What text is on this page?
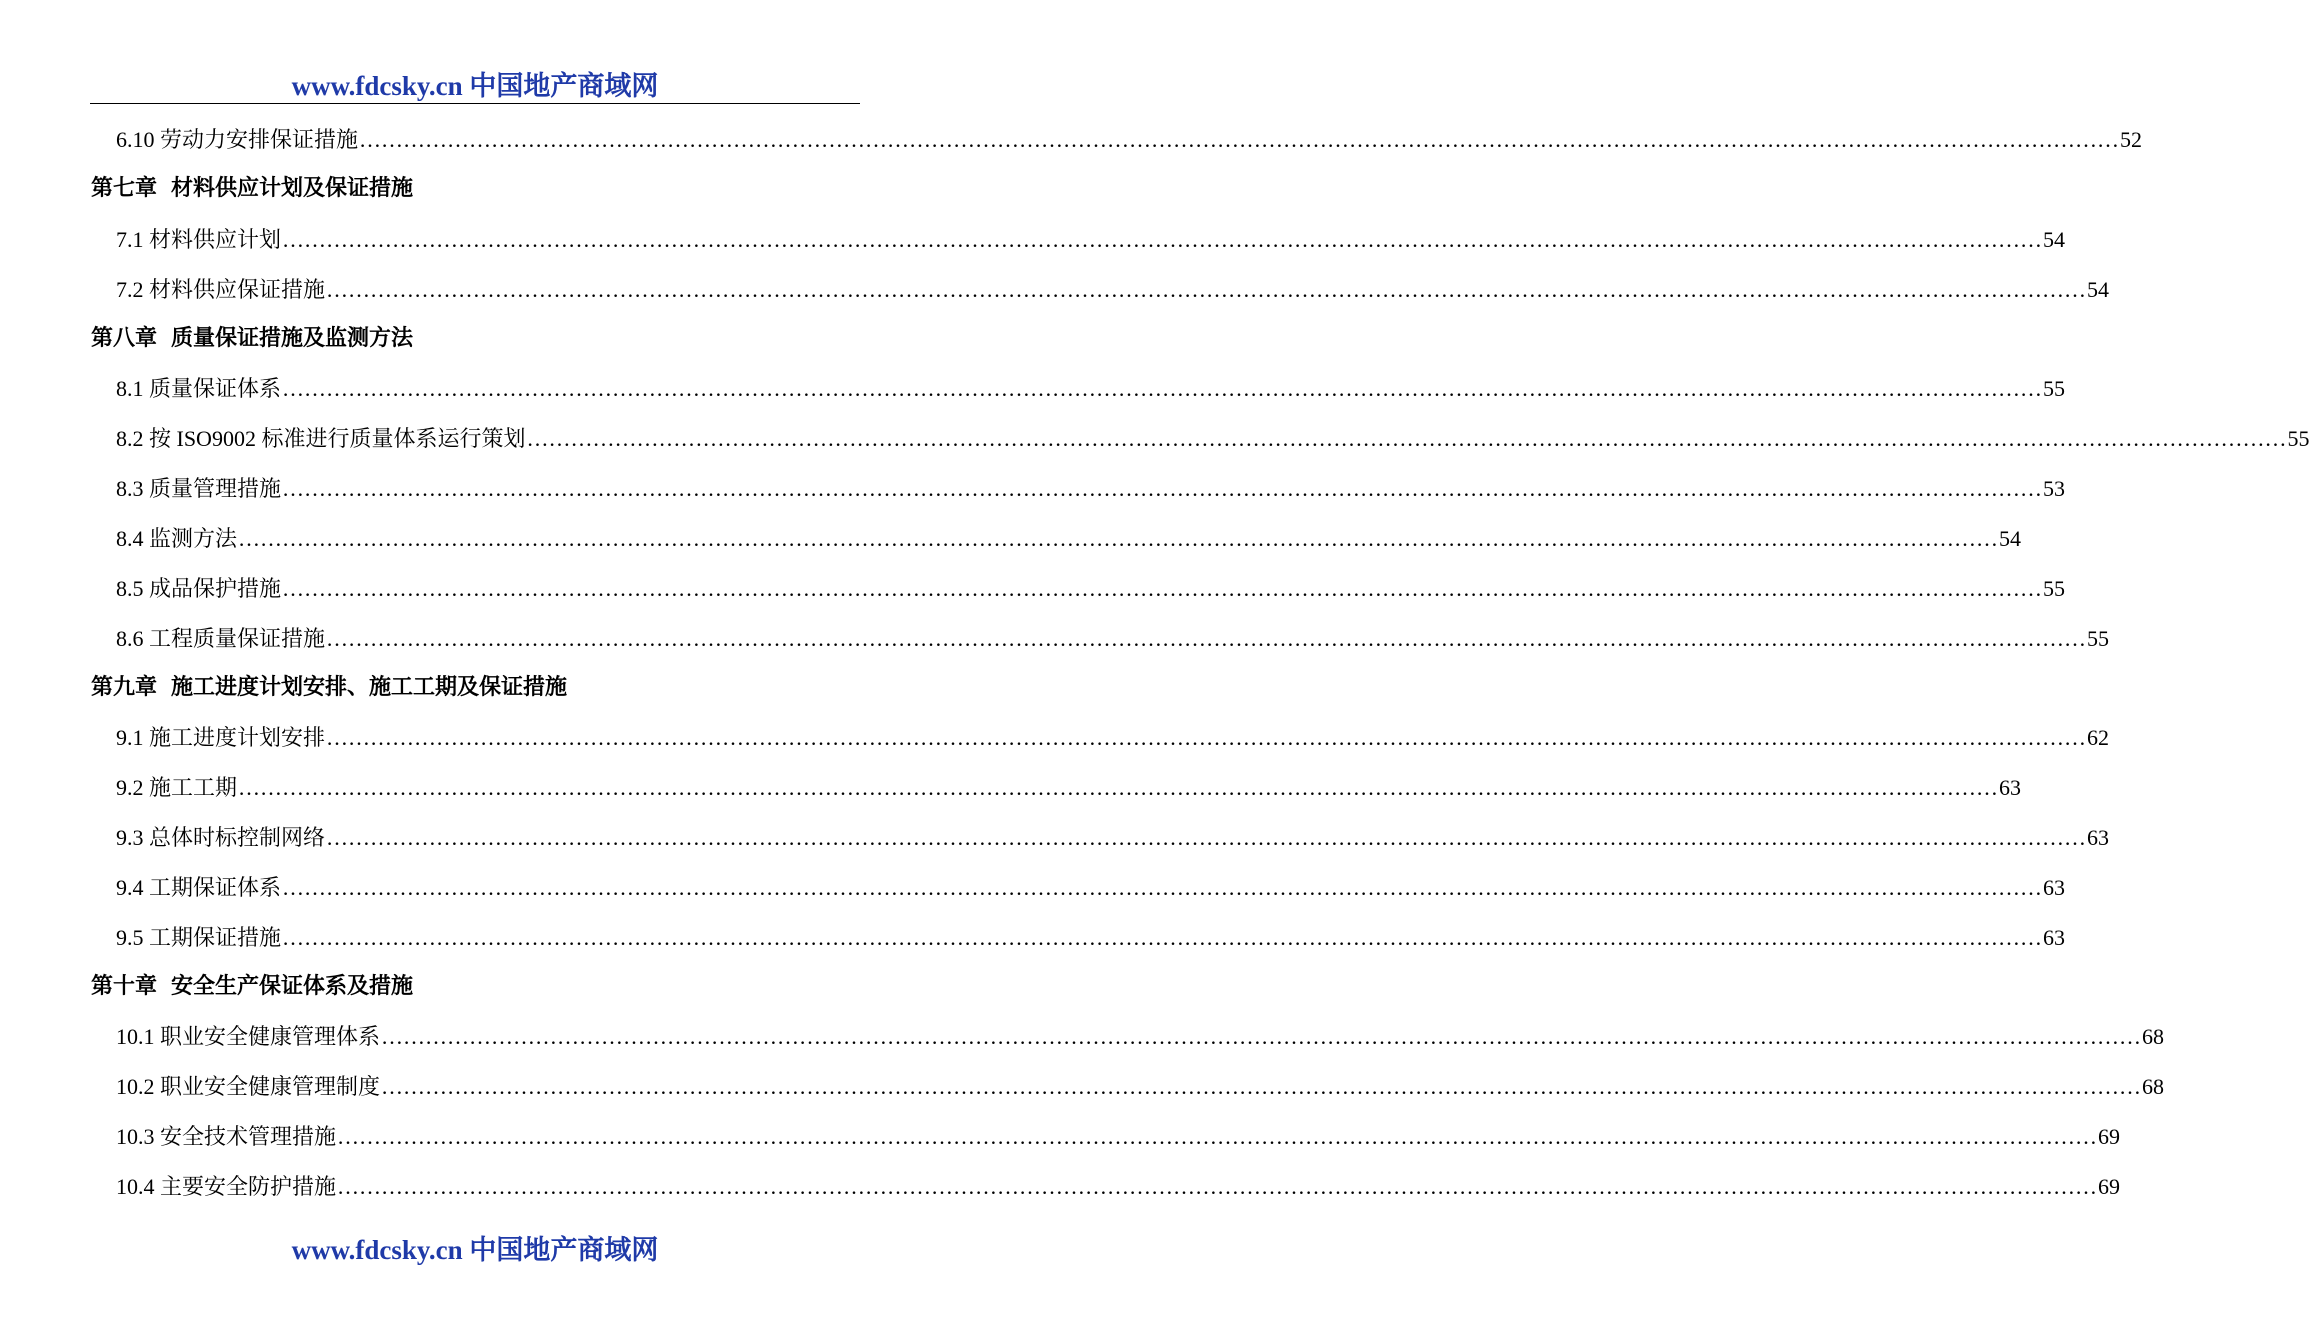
www.fdcsky.cn 中国地产商域网
6.10 劳动力安排保证措施 …………………………………………………………………………………………………………………………………………………………………………………………………………………… 52
第七章 材料供应计划及保证措施
7.1 材料供应计划 …………………………………………………………………………………………………………………………………………………………………………………………………………………… 54
7.2 材料供应保证措施 …………………………………………………………………………………………………………………………………………………………………………………………………………………… 54
第八章 质量保证措施及监测方法
8.1 质量保证体系 …………………………………………………………………………………………………………………………………………………………………………………………………………………… 55
8.2 按 ISO9002 标准进行质量体系运行策划 …………………………………………………………………………………………………………………………………………………………………………………………………………………… 55
8.3 质量管理措施 …………………………………………………………………………………………………………………………………………………………………………………………………………………… 53
8.4 监测方法 …………………………………………………………………………………………………………………………………………………………………………………………………………………… 54
8.5 成品保护措施 …………………………………………………………………………………………………………………………………………………………………………………………………………………… 55
8.6 工程质量保证措施 …………………………………………………………………………………………………………………………………………………………………………………………………………………… 55
第九章 施工进度计划安排、施工工期及保证措施
9.1 施工进度计划安排 …………………………………………………………………………………………………………………………………………………………………………………………………………………… 62
9.2 施工工期 …………………………………………………………………………………………………………………………………………………………………………………………………………………… 63
9.3 总体时标控制网络 …………………………………………………………………………………………………………………………………………………………………………………………………………………… 63
9.4 工期保证体系 …………………………………………………………………………………………………………………………………………………………………………………………………………………… 63
9.5 工期保证措施 …………………………………………………………………………………………………………………………………………………………………………………………………………………… 63
第十章 安全生产保证体系及措施
10.1 职业安全健康管理体系 …………………………………………………………………………………………………………………………………………………………………………………………………………………… 68
10.2 职业安全健康管理制度 …………………………………………………………………………………………………………………………………………………………………………………………………………………… 68
10.3 安全技术管理措施 …………………………………………………………………………………………………………………………………………………………………………………………………………………… 69
10.4 主要安全防护措施 …………………………………………………………………………………………………………………………………………………………………………………………………………………… 69
www.fdcsky.cn 中国地产商域网
